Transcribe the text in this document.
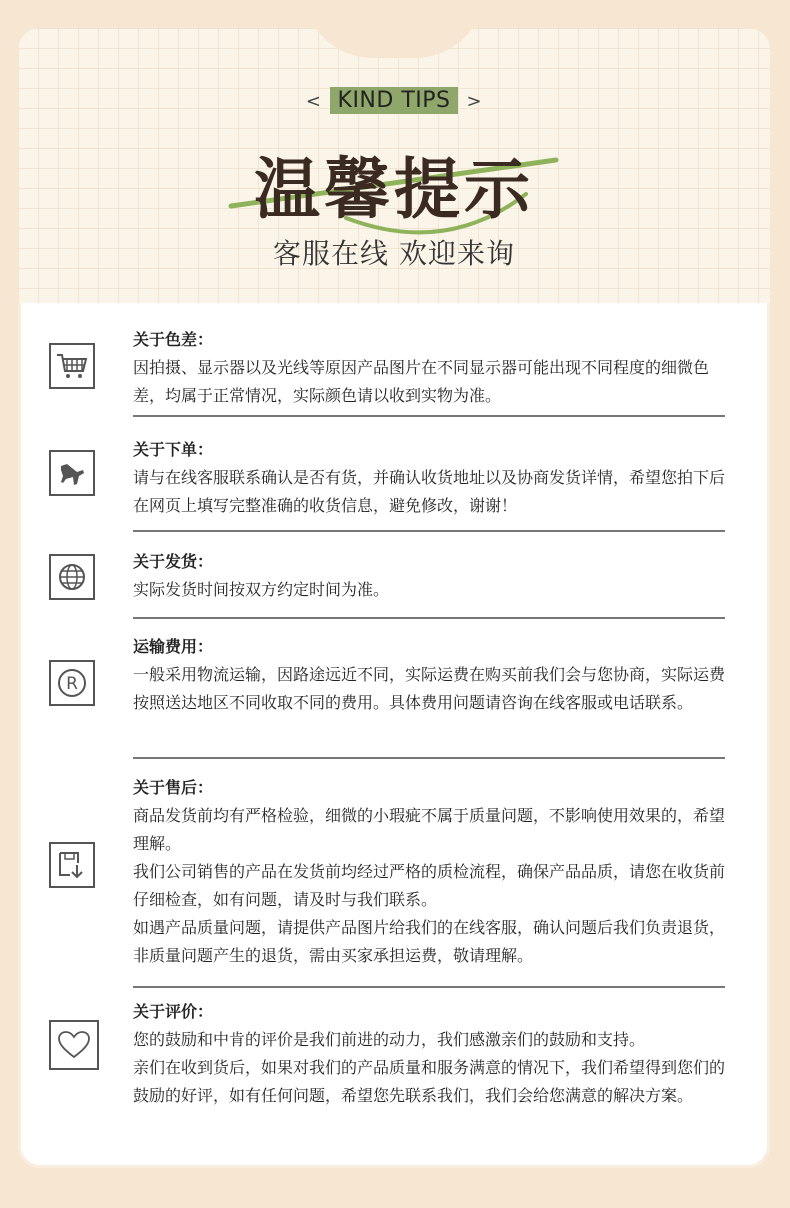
< KIND TIPS >
温馨提示
客服在线 欢迎来询
关于色差：

因拍摄、显示器以及光线等原因产品图片在不同显示器可能出现不同程度的细微色差，均属于正常情况，实际颜色请以收到实物为准。

关于下单：

请与在线客服联系确认是否有货，并确认收货地址以及协商发货详情，希望您拍下后在网页上填写完整准确的收货信息，避免修改，谢谢！

关于发货：

实际发货时间按双方约定时间为准。

R
运输费用：

一般采用物流运输，因路途远近不同，实际运费在购买前我们会与您协商，实际运费按照送达地区不同收取不同的费用。具体费用问题请咨询在线客服或电话联系。

关于售后：

商品发货前均有严格检验，细微的小瑕疵不属于质量问题，不影响使用效果的，希望理解。

我们公司销售的产品在发货前均经过严格的质检流程，确保产品品质，请您在收货前仔细检查，如有问题，请及时与我们联系。

如遇产品质量问题，请提供产品图片给我们的在线客服，确认问题后我们负责退货，非质量问题产生的退货，需由买家承担运费，敬请理解。

关于评价：

您的鼓励和中肯的评价是我们前进的动力，我们感激亲们的鼓励和支持。

亲们在收到货后，如果对我们的产品质量和服务满意的情况下，我们希望得到您们的鼓励的好评，如有任何问题，希望您先联系我们，我们会给您满意的解决方案。
